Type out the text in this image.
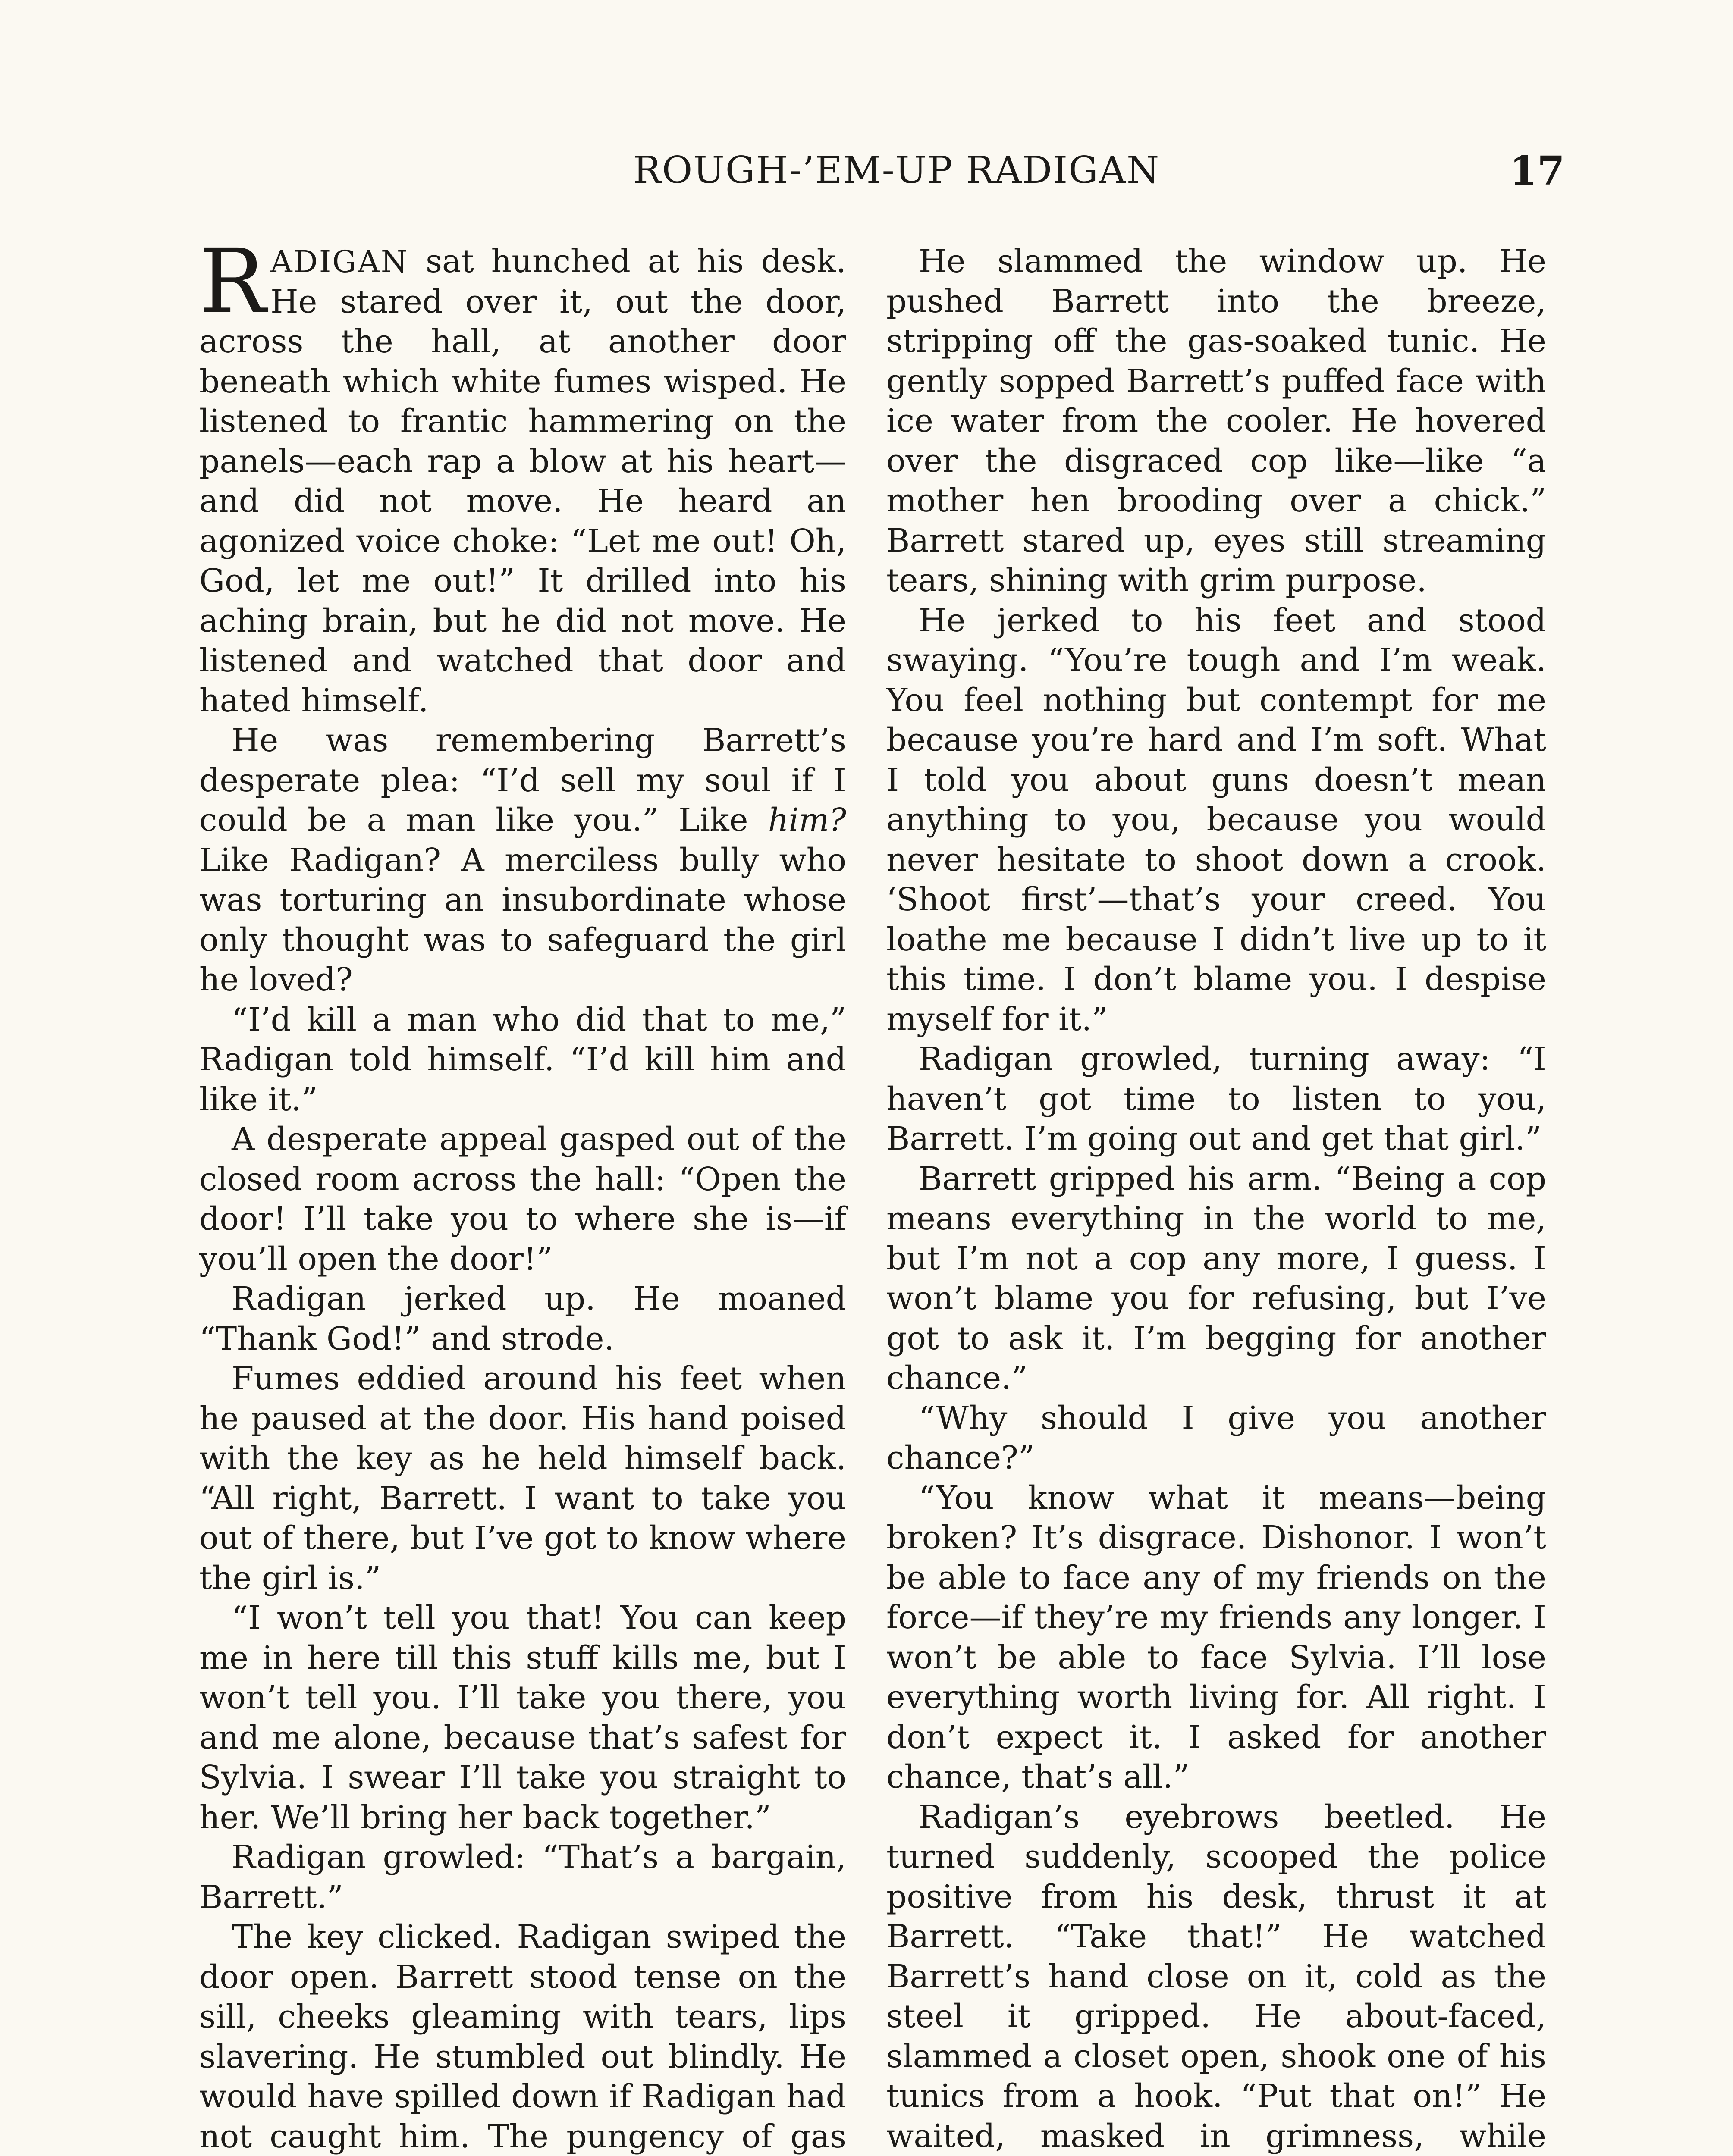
ROUGH-’EM-UP RADIGAN	17

RADIGAN sat hunched at his desk. He stared over it, out the door, across the hall, at another door beneath which white fumes wisped. He listened to frantic hammering on the panels—each rap a blow at his heart—and did not move. He heard an agonized voice choke: “Let me out! Oh, God, let me out!” It drilled into his aching brain, but he did not move. He listened and watched that door and hated himself.

He was remembering Barrett’s desperate plea: “I’d sell my soul if I could be a man like you.” Like him? Like Radigan? A merciless bully who was torturing an insubordinate whose only thought was to safeguard the girl he loved?

“I’d kill a man who did that to me,” Radigan told himself. “I’d kill him and like it.”

A desperate appeal gasped out of the closed room across the hall: “Open the door! I’ll take you to where she is—if you’ll open the door!”

Radigan jerked up. He moaned “Thank God!” and strode.

Fumes eddied around his feet when he paused at the door. His hand poised with the key as he held himself back. “All right, Barrett. I want to take you out of there, but I’ve got to know where the girl is.”

“I won’t tell you that! You can keep me in here till this stuff kills me, but I won’t tell you. I’ll take you there, you and me alone, because that’s safest for Sylvia. I swear I’ll take you straight to her. We’ll bring her back together.”

Radigan growled: “That’s a bargain, Barrett.”

The key clicked. Radigan swiped the door open. Barrett stood tense on the sill, cheeks gleaming with tears, lips slavering. He stumbled out blindly. He would have spilled down if Radigan had not caught him. The pungency of gas

He slammed the window up. He pushed Barrett into the breeze, stripping off the gas-soaked tunic. He gently sopped Barrett’s puffed face with ice water from the cooler. He hovered over the disgraced cop like—like “a mother hen brooding over a chick.” Barrett stared up, eyes still streaming tears, shining with grim purpose.

He jerked to his feet and stood swaying. “You’re tough and I’m weak. You feel nothing but contempt for me because you’re hard and I’m soft. What I told you about guns doesn’t mean anything to you, because you would never hesitate to shoot down a crook. ‘Shoot first’—that’s your creed. You loathe me because I didn’t live up to it this time. I don’t blame you. I despise myself for it.”

Radigan growled, turning away: “I haven’t got time to listen to you, Barrett. I’m going out and get that girl.”

Barrett gripped his arm. “Being a cop means everything in the world to me, but I’m not a cop any more, I guess. I won’t blame you for refusing, but I’ve got to ask it. I’m begging for another chance.”

“Why should I give you another chance?”

“You know what it means—being broken? It’s disgrace. Dishonor. I won’t be able to face any of my friends on the force—if they’re my friends any longer. I won’t be able to face Sylvia. I’ll lose everything worth living for. All right. I don’t expect it. I asked for another chance, that’s all.”

Radigan’s eyebrows beetled. He turned suddenly, scooped the police positive from his desk, thrust it at Barrett. “Take that!” He watched Barrett’s hand close on it, cold as the steel it gripped. He about-faced, slammed a closet open, shook one of his tunics from a hook. “Put that on!” He waited, masked in grimness, while
